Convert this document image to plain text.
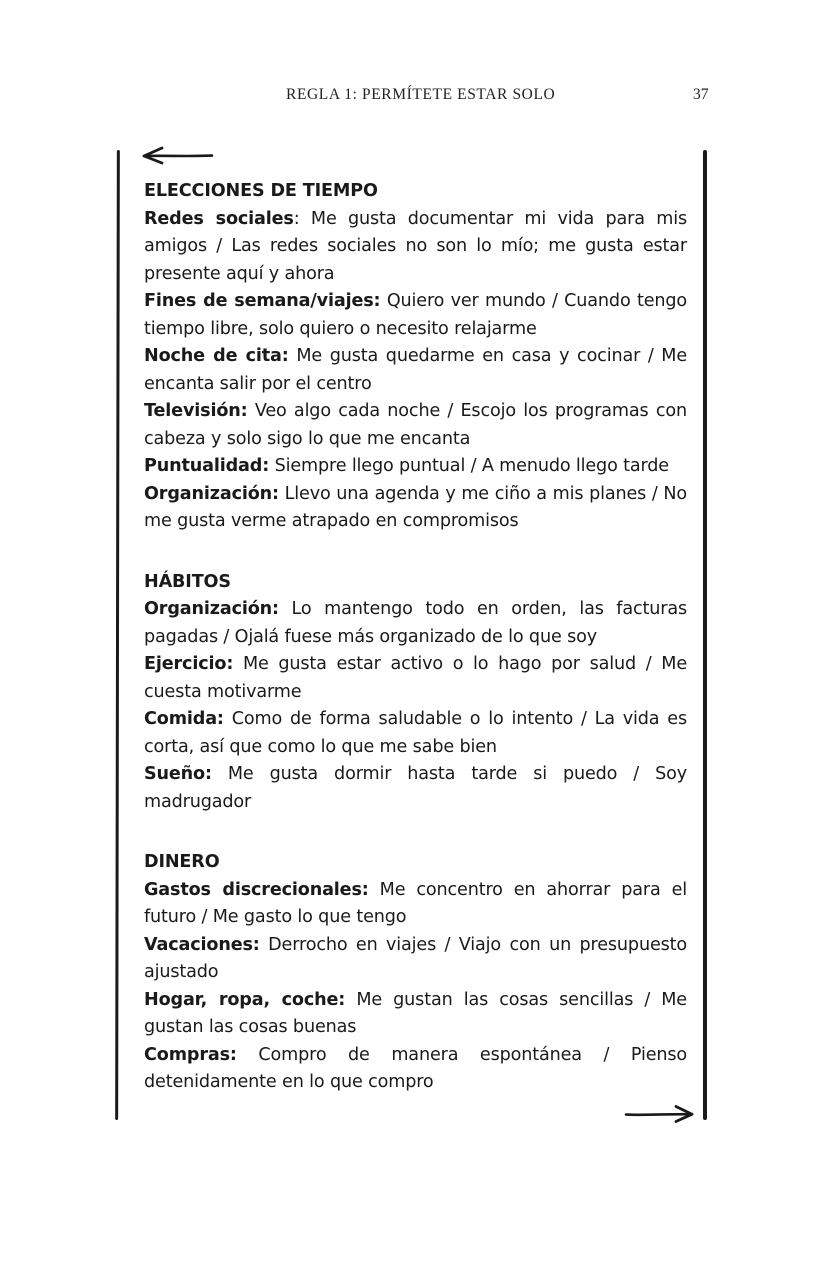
REGLA 1: PERMÍTETE ESTAR SOLO	37

ELECCIONES DE TIEMPO

Redes sociales: Me gusta documentar mi vida para mis amigos / Las redes sociales no son lo mío; me gusta estar presente aquí y ahora

Fines de semana/viajes: Quiero ver mundo / Cuando tengo tiempo libre, solo quiero o necesito relajarme

Noche de cita: Me gusta quedarme en casa y cocinar / Me encanta salir por el centro

Televisión: Veo algo cada noche / Escojo los programas con cabeza y solo sigo lo que me encanta

Puntualidad: Siempre llego puntual / A menudo llego tarde

Organización: Llevo una agenda y me ciño a mis planes / No me gusta verme atrapado en compromisos

HÁBITOS

Organización: Lo mantengo todo en orden, las facturas pagadas / Ojalá fuese más organizado de lo que soy

Ejercicio: Me gusta estar activo o lo hago por salud / Me cuesta motivarme

Comida: Como de forma saludable o lo intento / La vida es corta, así que como lo que me sabe bien

Sueño: Me gusta dormir hasta tarde si puedo / Soy madrugador

DINERO

Gastos discrecionales: Me concentro en ahorrar para el futuro / Me gasto lo que tengo

Vacaciones: Derrocho en viajes / Viajo con un presupuesto ajustado

Hogar, ropa, coche: Me gustan las cosas sencillas / Me gustan las cosas buenas

Compras: Compro de manera espontánea / Pienso detenidamente en lo que compro
